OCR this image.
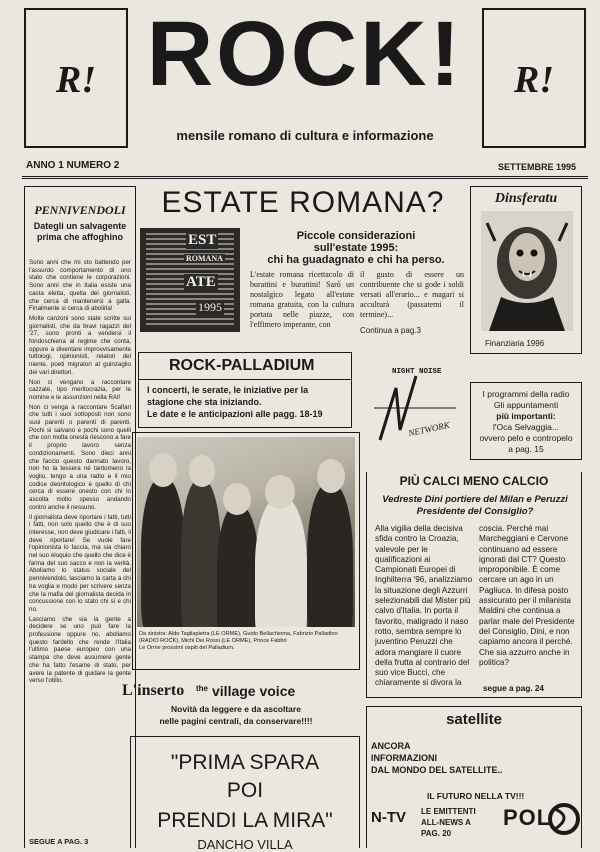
R!	R!
ROCK!
mensile romano di cultura e informazione
ANNO 1 NUMERO 2	SETTEMBRE 1995
PENNIVENDOLI
Dategli un salvagente prima che affoghino

Sono anni che mi sto battendo per l'assurdo comportamento di uno stato che contiene le corporazioni. Sono anni che in Italia esiste una casta eletta, quella dei giornalisti, che cerca di mantenersi a galla. Finalmente si cerca di abolirla!

Molte canzoni sono state scritte sui giornalisti, che da bravi ragazzi del '27, sono pronti a vendersi il fondoschiena al regime che conta, oppure a diventare improvvisamente tuttologi, opinionisti, relatori del niente, poeti migratori al guinzaglio dei vari direttori.

Non ci vengano a raccontare cazzate, tipo meritocrazia, per le nomine e le assunzioni nella RAI!

Non ci venga a raccontare Scalfari che tutti i suoi sottoposti non sono suoi parenti o parenti di parenti. Pochi si salvano e pochi sono quelli che con molta onestà riescono a fare il proprio lavoro senza condizionamenti. Sono dieci anni che faccio questo dannato lavoro, non ho la tessera né tantomeno la voglio, tengo a una radio e il mio codice deontologico è quello di chi cerca di essere onesto con chi lo ascolta molto spesso andando contro anche il nessuno.

Il giornalista deve riportare i fatti, tutti i fatti, non solo quello che è di suo interesse, non deve giudicare i fatti, li deve riportare! Se vuole fare l'opinionista lo faccia, ma sia chiaro nel suo eloquio che quello che dice è farina del suo sacco e non la verità. Aboliamo lo status sociale del pennivendolo, lasciamo la carta a chi ha voglia e modo per scrivere senza che la mafia del giornalista decida in concussione con lo stato chi sì e chi no.

Lasciamo che sia la gente a decidere se uno può fare la professione oppure no, aboliamo questo fardello che rende l'Italia l'ultimo paese europeo con una stampa che deve assumere gente che ha fatto l'esame di stato, per avere la patente di guidare la gente verso l'oblio.

SEGUE A PAG. 3
ESTATE ROMANA?
EST
ROMANA
ATE
1995
Piccole considerazioni
sull'estate 1995:
chi ha guadagnato e chi ha perso.
L'estate romana ricettacolo di burattini e burattini! Sarò un nostalgico legato all'estate romana gratuita, con la cultura portata nelle piazze, con l'effimero imperante, con
il gusto di essere un contribuente che si gode i soldi versati all'erario... e magari si acculturà (passatemi il termine)...
Continua a pag.3
Dinsferatu
Finanziaria 1996
ROCK-PALLADIUM
I concerti, le serate, le iniziative per la
stagione che sta iniziando.
Le date e le anticipazioni alle pagg. 18-19
NIGHT NOISE
NETWORK
I programmi della radio
Gli appuntamenti
più importanti:
l'Oca Selvaggia...
ovvero pelo e contropelo
a pag. 15
Da sinistra: Aldo Tagliapietra (LE ORME), Guido Bellachioma, Fabrizio Palladino (RADIO ROCK), Michi Dei Rossi (LE ORME), Prince Fabbri
Le Orme prossimi ospiti del Palladium.
PIÙ CALCI MENO CALCIO
Vedreste Dini portiere del Milan e Peruzzi Presidente del Consiglio?
Alla vigilia della decisiva sfida contro la Croazia, valevole per le qualificazioni ai Campionati Europei di Inghilterra '96, analizziamo la situazione degli Azzurri selezionabili dal Mister più calvo d'Italia. In porta il favorito, maligrado il naso rotto, sembra sempre lo juventino Peruzzi che adora mangiare il cuore della frutta al contrario del suo vice Bucci, che chiaramente si divora la
coscia. Perché mai Marcheggiani e Cervone continuano ad essere ignorati dal CT? Questo improponibile. È come cercare un ago in un Pagliuca. In difesa posto assicurato per il milanista Maldini che continua a parlar male del Presidente del Consiglio, Dini, e non capiamo ancora il perché. Che sia azzurro anche in politica?
segue a pag. 24
L'inserto the village voice
Novità da leggere e da ascoltare
nelle pagini centrali, da conservare!!!!
"PRIMA SPARA
POI
PRENDI LA MIRA"
DANCHO VILLA
satellite
ANCORA
INFORMAZIONI
DAL MONDO DEL SATELLITE..
IL FUTURO NELLA TV!!!
N-TV LE EMITTENTI
ALL-NEWS A
PAG. 20
POL
